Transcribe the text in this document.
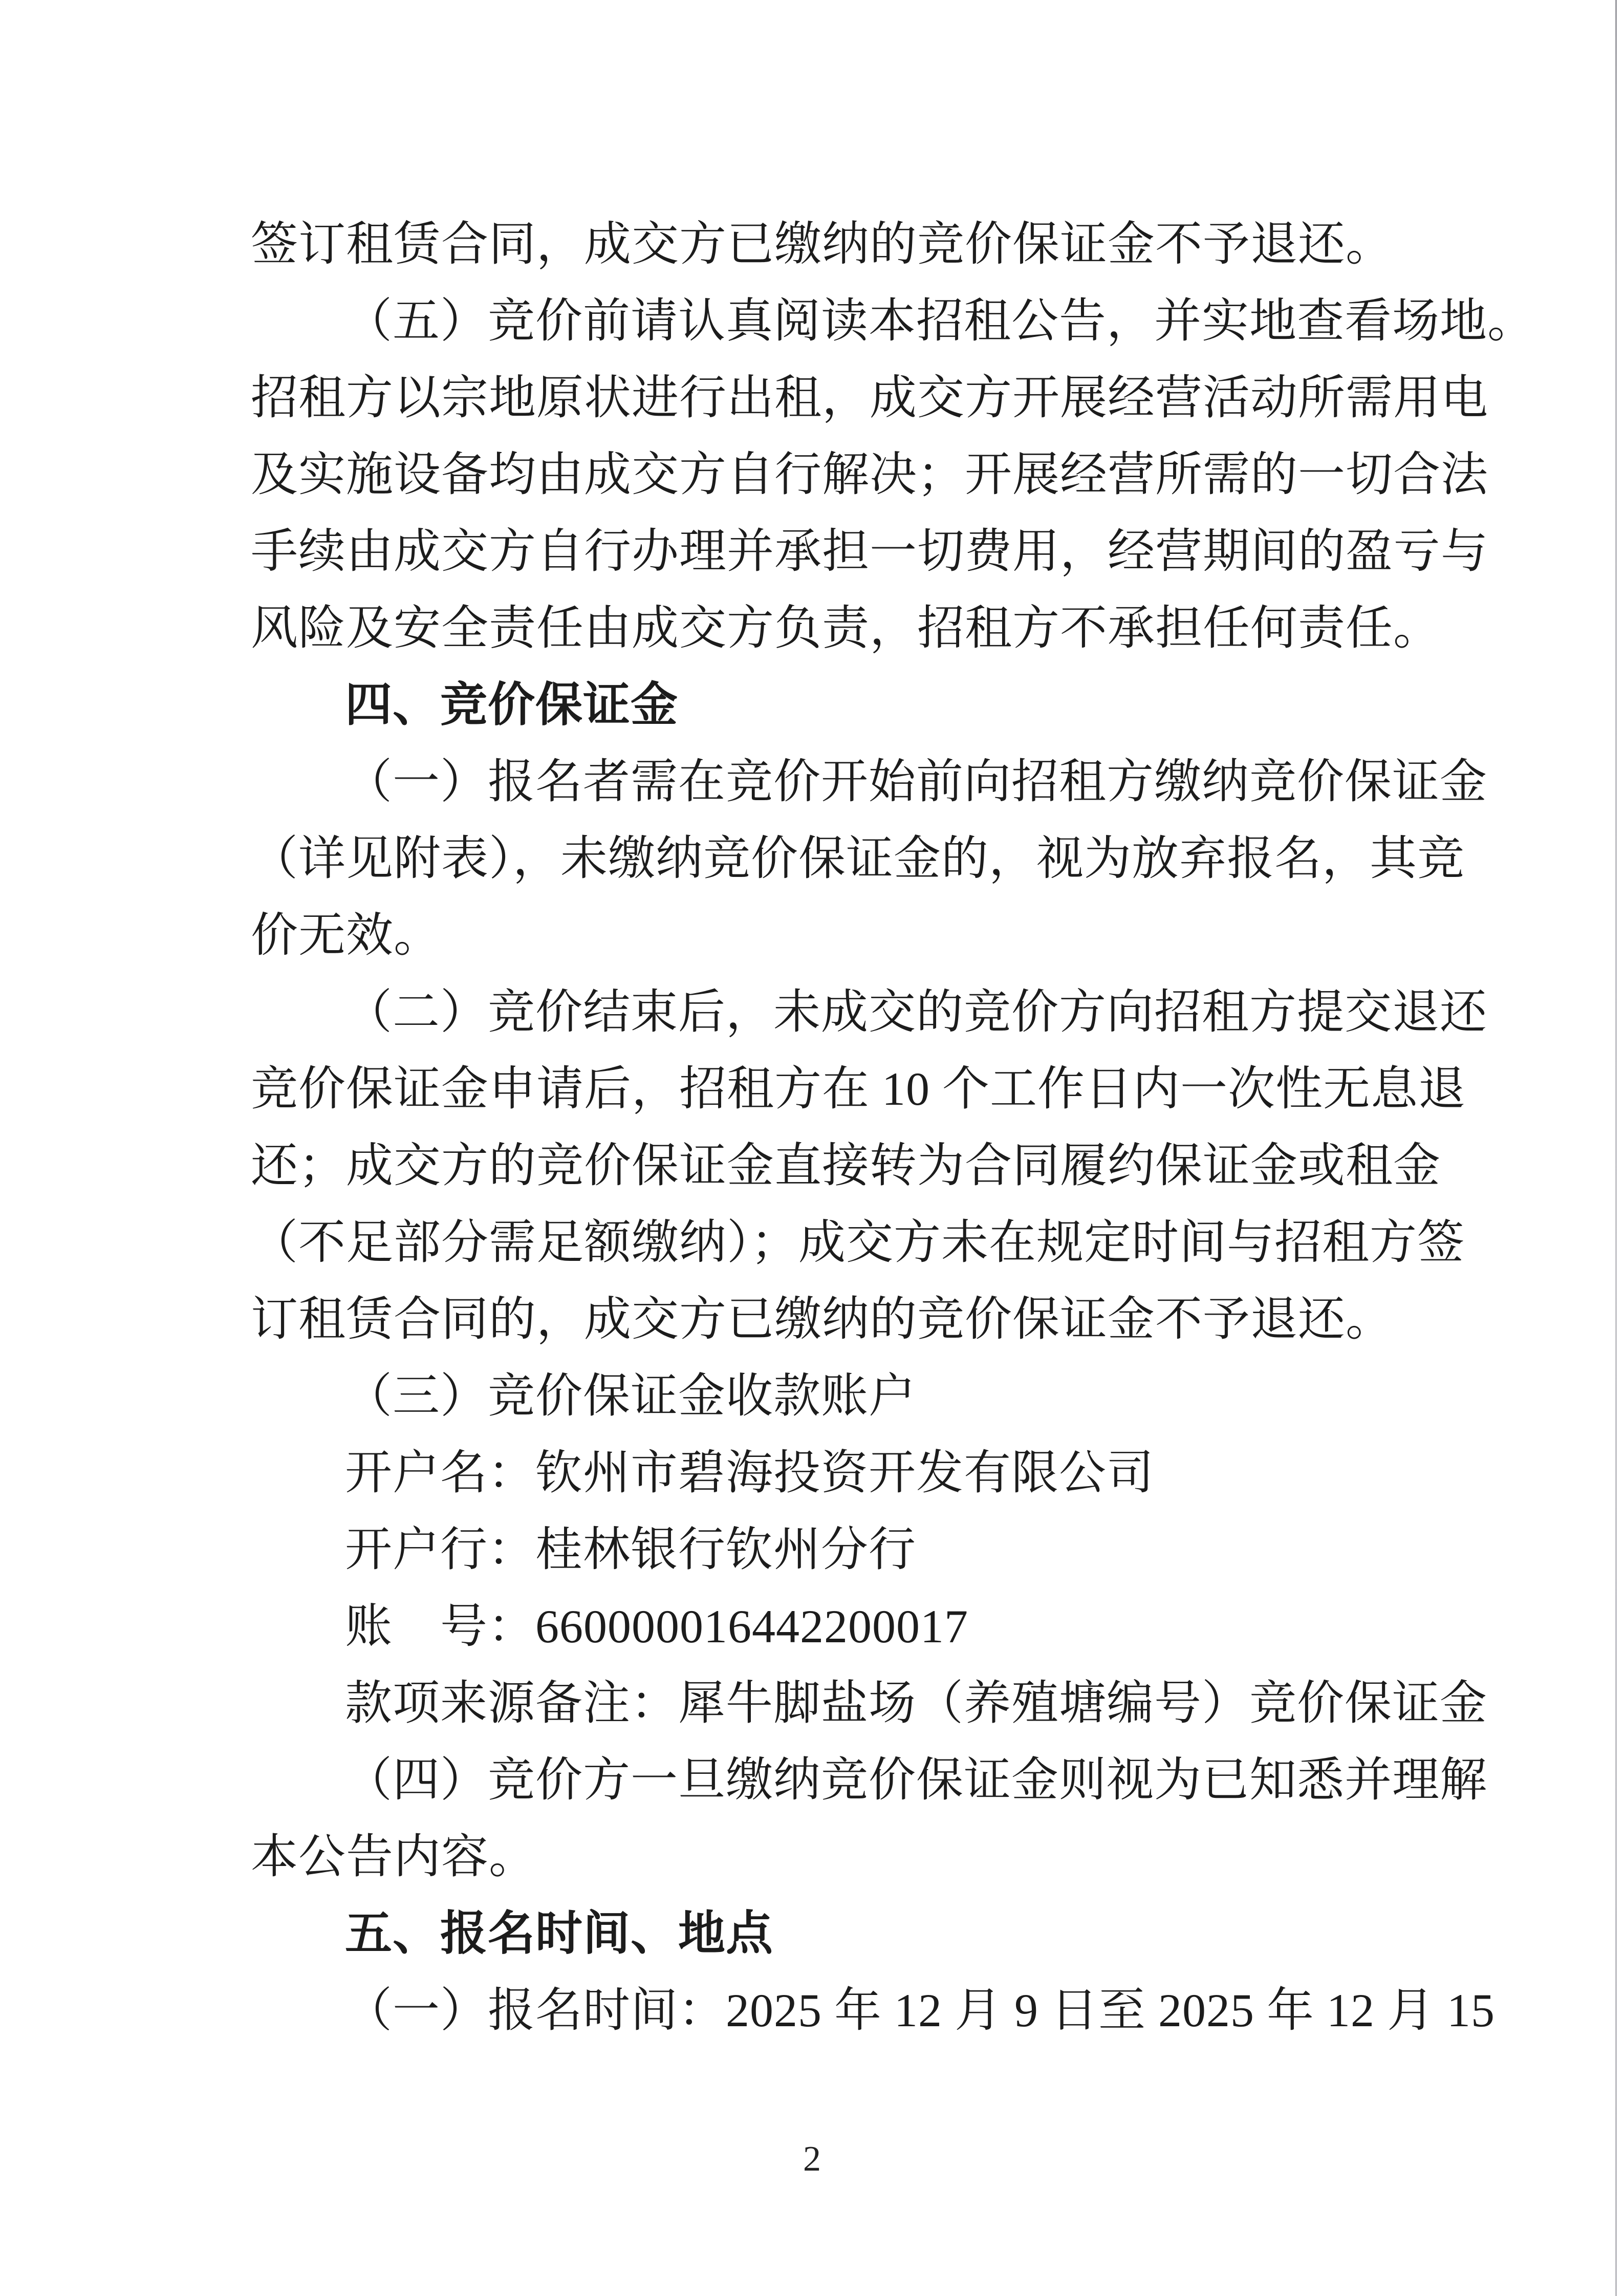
签订租赁合同，成交方已缴纳的竞价保证金不予退还。
（五）竞价前请认真阅读本招租公告，并实地查看场地。
招租方以宗地原状进行出租，成交方开展经营活动所需用电
及实施设备均由成交方自行解决；开展经营所需的一切合法
手续由成交方自行办理并承担一切费用，经营期间的盈亏与
风险及安全责任由成交方负责，招租方不承担任何责任。
四、竞价保证金
（一）报名者需在竞价开始前向招租方缴纳竞价保证金
（详见附表），未缴纳竞价保证金的，视为放弃报名，其竞
价无效。
（二）竞价结束后，未成交的竞价方向招租方提交退还
竞价保证金申请后，招租方在 10 个工作日内一次性无息退
还；成交方的竞价保证金直接转为合同履约保证金或租金
（不足部分需足额缴纳）；成交方未在规定时间与招租方签
订租赁合同的，成交方已缴纳的竞价保证金不予退还。
（三）竞价保证金收款账户
开户名：钦州市碧海投资开发有限公司
开户行：桂林银行钦州分行
账　号：660000016442200017
款项来源备注：犀牛脚盐场（养殖塘编号）竞价保证金
（四）竞价方一旦缴纳竞价保证金则视为已知悉并理解
本公告内容。
五、报名时间、地点
（一）报名时间：2025 年 12 月 9 日至 2025 年 12 月 15
2
